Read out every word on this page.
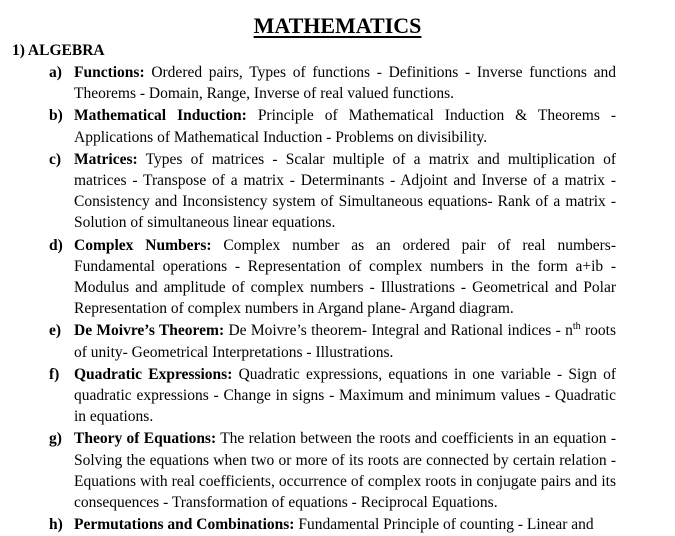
MATHEMATICS
1) ALGEBRA
a) Functions: Ordered pairs, Types of functions - Definitions - Inverse functions and Theorems - Domain, Range, Inverse of real valued functions.
b) Mathematical Induction: Principle of Mathematical Induction & Theorems - Applications of Mathematical Induction - Problems on divisibility.
c) Matrices: Types of matrices - Scalar multiple of a matrix and multiplication of matrices - Transpose of a matrix - Determinants - Adjoint and Inverse of a matrix - Consistency and Inconsistency system of Simultaneous equations- Rank of a matrix - Solution of simultaneous linear equations.
d) Complex Numbers: Complex number as an ordered pair of real numbers- Fundamental operations - Representation of complex numbers in the form a+ib - Modulus and amplitude of complex numbers - Illustrations - Geometrical and Polar Representation of complex numbers in Argand plane- Argand diagram.
e) De Moivre’s Theorem: De Moivre’s theorem- Integral and Rational indices - $n^{th}$ roots of unity- Geometrical Interpretations - Illustrations.
f) Quadratic Expressions: Quadratic expressions, equations in one variable - Sign of quadratic expressions - Change in signs - Maximum and minimum values - Quadratic in equations.
g) Theory of Equations: The relation between the roots and coefficients in an equation - Solving the equations when two or more of its roots are connected by certain relation - Equations with real coefficients, occurrence of complex roots in conjugate pairs and its consequences - Transformation of equations - Reciprocal Equations.
h) Permutations and Combinations: Fundamental Principle of counting - Linear and
